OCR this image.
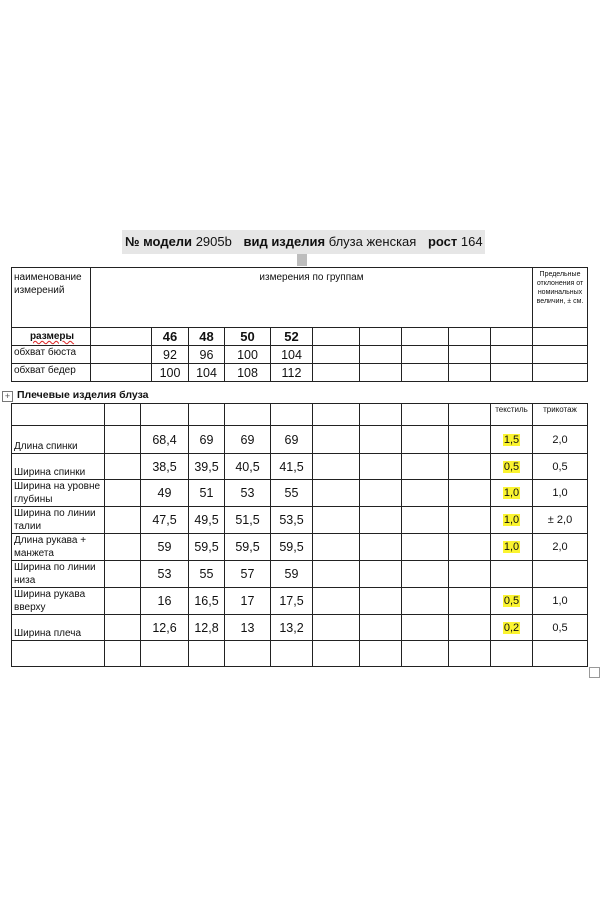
№ модели 2905b вид изделия блуза женская рост 164
наименование измерений	измерения по группам										Предельные отклонения от номинальных величин, ± см.
размеры		46	48	50	52						
обхват бюста		92	96	100	104						
обхват бедер		100	104	108	112						
+ Плечевые изделия блуза
										текстиль	трикотаж
Длина спинки		68,4	69	69	69					1,5	2,0
Ширина спинки		38,5	39,5	40,5	41,5					0,5	0,5
Ширина на уровне глубины		49	51	53	55					1,0	1,0
Ширина по линии талии		47,5	49,5	51,5	53,5					1,0	± 2,0
Длина рукава + манжета		59	59,5	59,5	59,5					1,0	2,0
Ширина по линии низа		53	55	57	59						
Ширина рукава вверху		16	16,5	17	17,5					0,5	1,0
Ширина плеча		12,6	12,8	13	13,2					0,2	0,5
